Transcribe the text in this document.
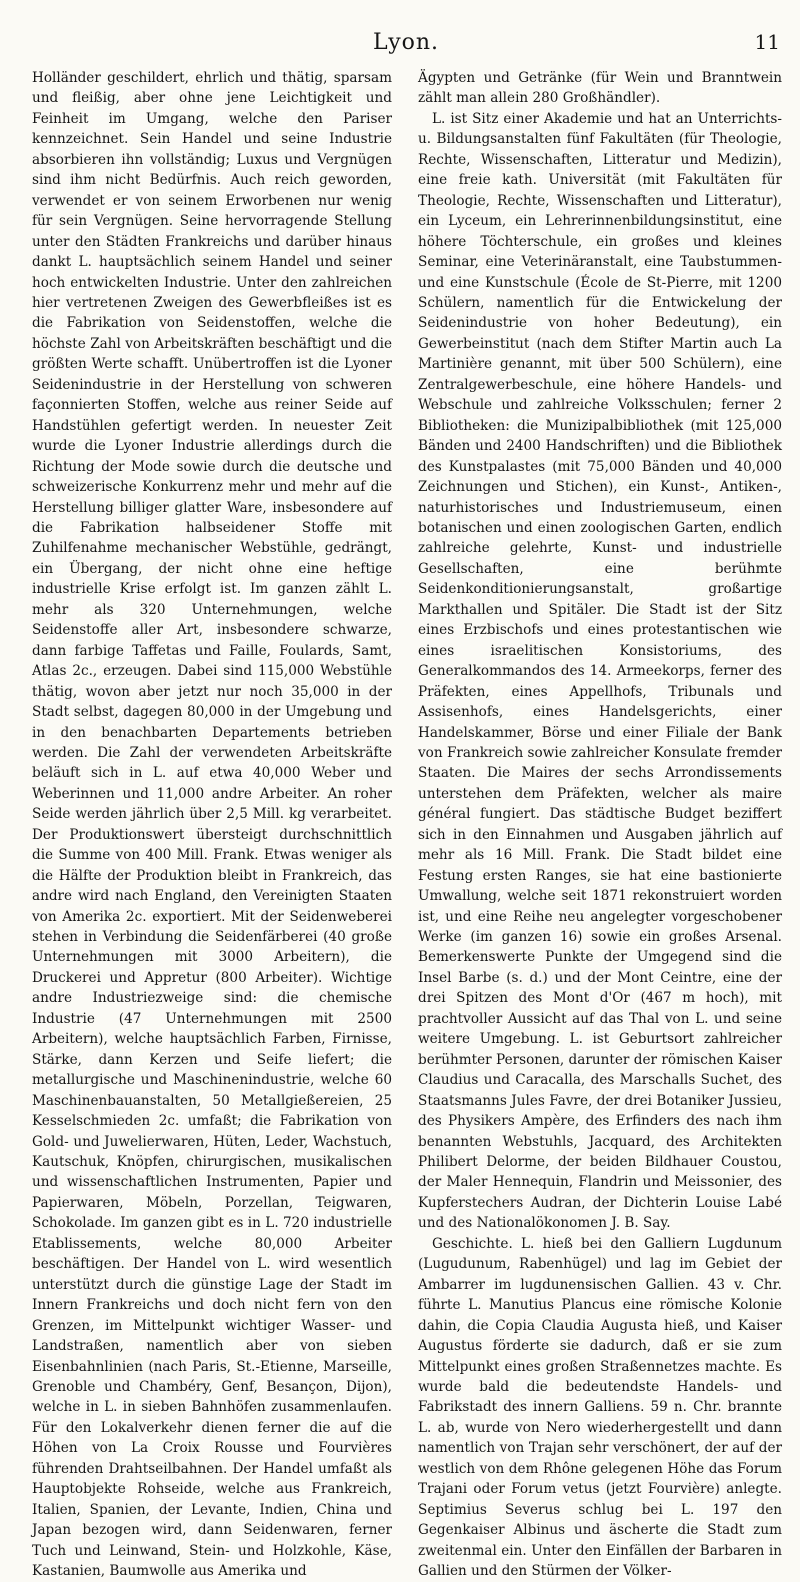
Lyon.	11

Holländer geschildert, ehrlich und thätig, sparsam und fleißig, aber ohne jene Leichtigkeit und Feinheit im Umgang, welche den Pariser kennzeichnet. Sein Handel und seine Industrie absorbieren ihn vollständig; Luxus und Vergnügen sind ihm nicht Bedürfnis. Auch reich geworden, verwendet er von seinem Erworbenen nur wenig für sein Vergnügen. Seine hervorragende Stellung unter den Städten Frankreichs und darüber hinaus dankt L. hauptsächlich seinem Handel und seiner hoch entwickelten Industrie. Unter den zahlreichen hier vertretenen Zweigen des Gewerbfleißes ist es die Fabrikation von Seidenstoffen, welche die höchste Zahl von Arbeitskräften beschäftigt und die größten Werte schafft. Unübertroffen ist die Lyoner Seidenindustrie in der Herstellung von schweren façonnierten Stoffen, welche aus reiner Seide auf Handstühlen gefertigt werden. In neuester Zeit wurde die Lyoner Industrie allerdings durch die Richtung der Mode sowie durch die deutsche und schweizerische Konkurrenz mehr und mehr auf die Herstellung billiger glatter Ware, insbesondere auf die Fabrikation halbseidener Stoffe mit Zuhilfenahme mechanischer Webstühle, gedrängt, ein Übergang, der nicht ohne eine heftige industrielle Krise erfolgt ist. Im ganzen zählt L. mehr als 320 Unternehmungen, welche Seidenstoffe aller Art, insbesondere schwarze, dann farbige Taffetas und Faille, Foulards, Samt, Atlas 2c., erzeugen. Dabei sind 115,000 Webstühle thätig, wovon aber jetzt nur noch 35,000 in der Stadt selbst, dagegen 80,000 in der Umgebung und in den benachbarten Departements betrieben werden. Die Zahl der verwendeten Arbeitskräfte beläuft sich in L. auf etwa 40,000 Weber und Weberinnen und 11,000 andre Arbeiter. An roher Seide werden jährlich über 2,5 Mill. kg verarbeitet. Der Produktionswert übersteigt durchschnittlich die Summe von 400 Mill. Frank. Etwas weniger als die Hälfte der Produktion bleibt in Frankreich, das andre wird nach England, den Vereinigten Staaten von Amerika 2c. exportiert. Mit der Seidenweberei stehen in Verbindung die Seidenfärberei (40 große Unternehmungen mit 3000 Arbeitern), die Druckerei und Appretur (800 Arbeiter). Wichtige andre Industriezweige sind: die chemische Industrie (47 Unternehmungen mit 2500 Arbeitern), welche hauptsächlich Farben, Firnisse, Stärke, dann Kerzen und Seife liefert; die metallurgische und Maschinenindustrie, welche 60 Maschinenbauanstalten, 50 Metallgießereien, 25 Kesselschmieden 2c. umfaßt; die Fabrikation von Gold- und Juwelierwaren, Hüten, Leder, Wachstuch, Kautschuk, Knöpfen, chirurgischen, musikalischen und wissenschaftlichen Instrumenten, Papier und Papierwaren, Möbeln, Porzellan, Teigwaren, Schokolade. Im ganzen gibt es in L. 720 industrielle Etablissements, welche 80,000 Arbeiter beschäftigen. Der Handel von L. wird wesentlich unterstützt durch die günstige Lage der Stadt im Innern Frankreichs und doch nicht fern von den Grenzen, im Mittelpunkt wichtiger Wasser- und Landstraßen, namentlich aber von sieben Eisenbahnlinien (nach Paris, St.-Etienne, Marseille, Grenoble und Chambéry, Genf, Besançon, Dijon), welche in L. in sieben Bahnhöfen zusammenlaufen. Für den Lokalverkehr dienen ferner die auf die Höhen von La Croix Rousse und Fourvières führenden Drahtseilbahnen. Der Handel umfaßt als Hauptobjekte Rohseide, welche aus Frankreich, Italien, Spanien, der Levante, Indien, China und Japan bezogen wird, dann Seidenwaren, ferner Tuch und Leinwand, Stein- und Holzkohle, Käse, Kastanien, Baumwolle aus Amerika und

Ägypten und Getränke (für Wein und Branntwein zählt man allein 280 Großhändler).

L. ist Sitz einer Akademie und hat an Unterrichts- u. Bildungsanstalten fünf Fakultäten (für Theologie, Rechte, Wissenschaften, Litteratur und Medizin), eine freie kath. Universität (mit Fakultäten für Theologie, Rechte, Wissenschaften und Litteratur), ein Lyceum, ein Lehrerinnenbildungsinstitut, eine höhere Töchterschule, ein großes und kleines Seminar, eine Veterinäranstalt, eine Taubstummen- und eine Kunstschule (École de St-Pierre, mit 1200 Schülern, namentlich für die Entwickelung der Seidenindustrie von hoher Bedeutung), ein Gewerbeinstitut (nach dem Stifter Martin auch La Martinière genannt, mit über 500 Schülern), eine Zentralgewerbeschule, eine höhere Handels- und Webschule und zahlreiche Volksschulen; ferner 2 Bibliotheken: die Munizipalbibliothek (mit 125,000 Bänden und 2400 Handschriften) und die Bibliothek des Kunstpalastes (mit 75,000 Bänden und 40,000 Zeichnungen und Stichen), ein Kunst-, Antiken-, naturhistorisches und Industriemuseum, einen botanischen und einen zoologischen Garten, endlich zahlreiche gelehrte, Kunst- und industrielle Gesellschaften, eine berühmte Seidenkonditionierungsanstalt, großartige Markthallen und Spitäler. Die Stadt ist der Sitz eines Erzbischofs und eines protestantischen wie eines israelitischen Konsistoriums, des Generalkommandos des 14. Armeekorps, ferner des Präfekten, eines Appellhofs, Tribunals und Assisenhofs, eines Handelsgerichts, einer Handelskammer, Börse und einer Filiale der Bank von Frankreich sowie zahlreicher Konsulate fremder Staaten. Die Maires der sechs Arrondissements unterstehen dem Präfekten, welcher als maire général fungiert. Das städtische Budget beziffert sich in den Einnahmen und Ausgaben jährlich auf mehr als 16 Mill. Frank. Die Stadt bildet eine Festung ersten Ranges, sie hat eine bastionierte Umwallung, welche seit 1871 rekonstruiert worden ist, und eine Reihe neu angelegter vorgeschobener Werke (im ganzen 16) sowie ein großes Arsenal. Bemerkenswerte Punkte der Umgegend sind die Insel Barbe (s. d.) und der Mont Ceintre, eine der drei Spitzen des Mont d'Or (467 m hoch), mit prachtvoller Aussicht auf das Thal von L. und seine weitere Umgebung. L. ist Geburtsort zahlreicher berühmter Personen, darunter der römischen Kaiser Claudius und Caracalla, des Marschalls Suchet, des Staatsmanns Jules Favre, der drei Botaniker Jussieu, des Physikers Ampère, des Erfinders des nach ihm benannten Webstuhls, Jacquard, des Architekten Philibert Delorme, der beiden Bildhauer Coustou, der Maler Hennequin, Flandrin und Meissonier, des Kupferstechers Audran, der Dichterin Louise Labé und des Nationalökonomen J. B. Say.

Geschichte. L. hieß bei den Galliern Lugdunum (Lugudunum, Rabenhügel) und lag im Gebiet der Ambarrer im lugdunensischen Gallien. 43 v. Chr. führte L. Manutius Plancus eine römische Kolonie dahin, die Copia Claudia Augusta hieß, und Kaiser Augustus förderte sie dadurch, daß er sie zum Mittelpunkt eines großen Straßennetzes machte. Es wurde bald die bedeutendste Handels- und Fabrikstadt des innern Galliens. 59 n. Chr. brannte L. ab, wurde von Nero wiederhergestellt und dann namentlich von Trajan sehr verschönert, der auf der westlich von dem Rhône gelegenen Höhe das Forum Trajani oder Forum vetus (jetzt Fourvière) anlegte. Septimius Severus schlug bei L. 197 den Gegenkaiser Albinus und äscherte die Stadt zum zweitenmal ein. Unter den Einfällen der Barbaren in Gallien und den Stürmen der Völker-
